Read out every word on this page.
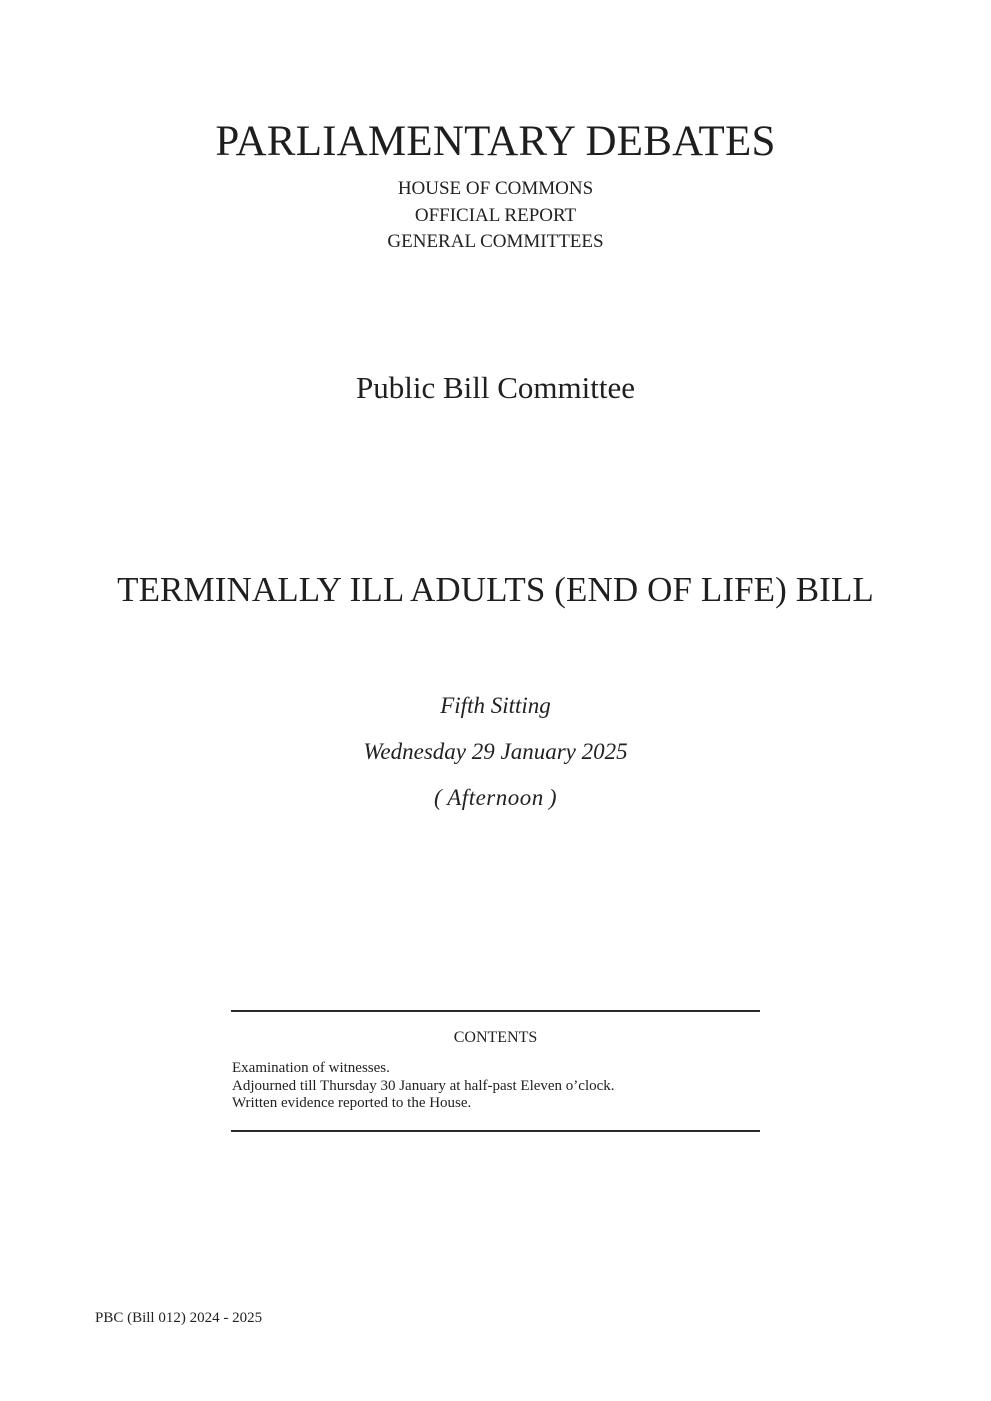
PARLIAMENTARY DEBATES
HOUSE OF COMMONS
OFFICIAL REPORT
GENERAL COMMITTEES
Public Bill Committee
TERMINALLY ILL ADULTS (END OF LIFE) BILL
Fifth Sitting
Wednesday 29 January 2025
( Afternoon )
CONTENTS
Examination of witnesses.
Adjourned till Thursday 30 January at half-past Eleven o’clock.
Written evidence reported to the House.
PBC (Bill 012) 2024 - 2025
